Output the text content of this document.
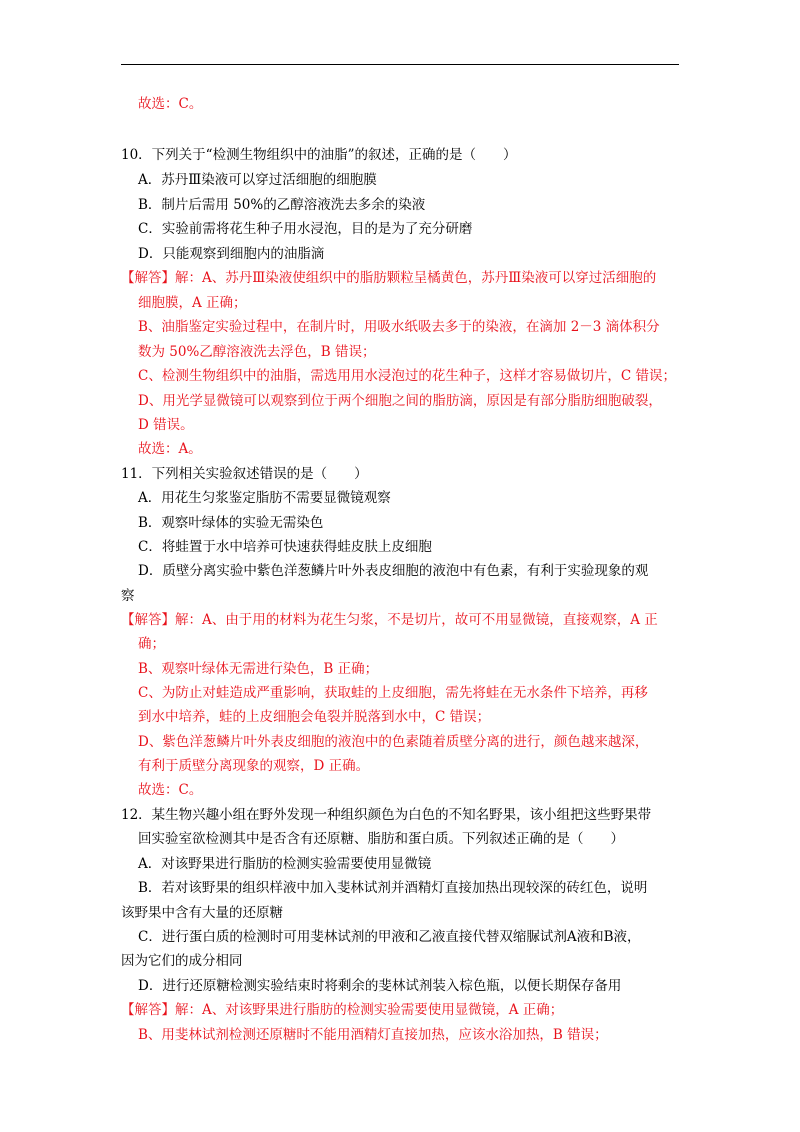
故选：C。
10．下列关于“检测生物组织中的油脂”的叙述，正确的是（　　）
A．苏丹Ⅲ染液可以穿过活细胞的细胞膜
B．制片后需用 50%的乙醇溶液洗去多余的染液
C．实验前需将花生种子用水浸泡，目的是为了充分研磨
D．只能观察到细胞内的油脂滴
【解答】解：A、苏丹Ⅲ染液使组织中的脂肪颗粒呈橘黄色，苏丹Ⅲ染液可以穿过活细胞的
细胞膜，A 正确；
B、油脂鉴定实验过程中，在制片时，用吸水纸吸去多于的染液，在滴加 2－3 滴体积分
数为 50%乙醇溶液洗去浮色，B 错误；
C、检测生物组织中的油脂，需选用用水浸泡过的花生种子，这样才容易做切片，C 错误；
D、用光学显微镜可以观察到位于两个细胞之间的脂肪滴，原因是有部分脂肪细胞破裂，
D 错误。
故选：A。
11．下列相关实验叙述错误的是（　　）
A．用花生匀浆鉴定脂肪不需要显微镜观察
B．观察叶绿体的实验无需染色
C．将蛙置于水中培养可快速获得蛙皮肤上皮细胞
D．质壁分离实验中紫色洋葱鳞片叶外表皮细胞的液泡中有色素，有利于实验现象的观
察
【解答】解：A、由于用的材料为花生匀浆，不是切片，故可不用显微镜，直接观察，A 正
确；
B、观察叶绿体无需进行染色，B 正确；
C、为防止对蛙造成严重影响，获取蛙的上皮细胞，需先将蛙在无水条件下培养，再移
到水中培养，蛙的上皮细胞会龟裂并脱落到水中，C 错误；
D、紫色洋葱鳞片叶外表皮细胞的液泡中的色素随着质壁分离的进行，颜色越来越深，
有利于质壁分离现象的观察，D 正确。
故选：C。
12．某生物兴趣小组在野外发现一种组织颜色为白色的不知名野果，该小组把这些野果带
回实验室欲检测其中是否含有还原糖、脂肪和蛋白质。下列叙述正确的是（　　）
A．对该野果进行脂肪的检测实验需要使用显微镜
B．若对该野果的组织样液中加入斐林试剂并酒精灯直接加热出现较深的砖红色，说明
该野果中含有大量的还原糖
C．进行蛋白质的检测时可用斐林试剂的甲液和乙液直接代替双缩脲试剂A液和B液，
因为它们的成分相同
D．进行还原糖检测实验结束时将剩余的斐林试剂装入棕色瓶，以便长期保存备用
【解答】解：A、对该野果进行脂肪的检测实验需要使用显微镜，A 正确；
B、用斐林试剂检测还原糖时不能用酒精灯直接加热，应该水浴加热，B 错误；
